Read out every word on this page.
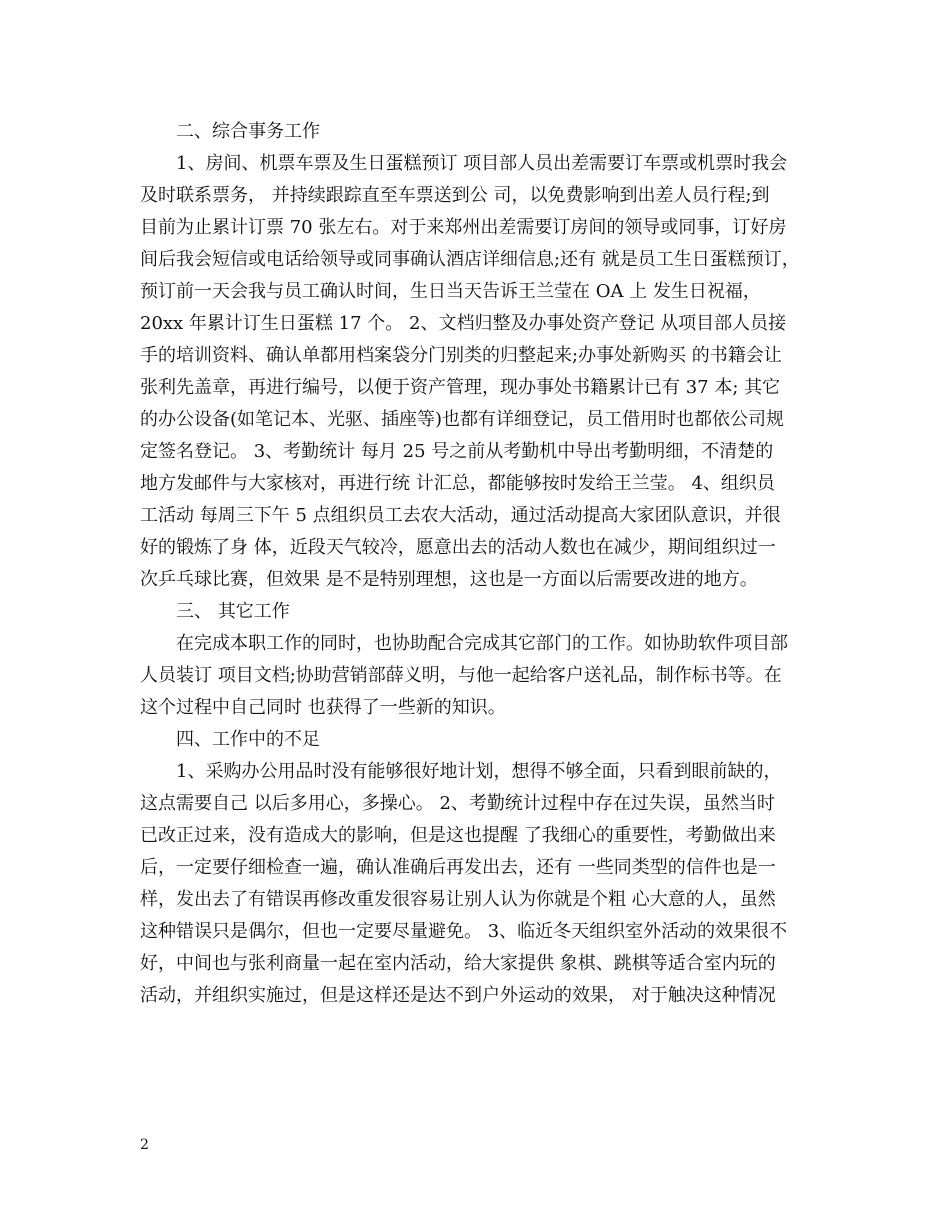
二、综合事务工作

1、房间、机票车票及生日蛋糕预订 项目部人员出差需要订车票或机票时我会
及时联系票务， 并持续跟踪直至车票送到公 司，以免费影响到出差人员行程;到
目前为止累计订票 70 张左右。对于来郑州出差需要订房间的领导或同事，订好房
间后我会短信或电话给领导或同事确认酒店详细信息;还有 就是员工生日蛋糕预订，
预订前一天会我与员工确认时间，生日当天告诉王兰莹在 OA 上 发生日祝福，
20xx 年累计订生日蛋糕 17 个。 2、文档归整及办事处资产登记 从项目部人员接
手的培训资料、确认单都用档案袋分门别类的归整起来;办事处新购买 的书籍会让
张利先盖章，再进行编号，以便于资产管理，现办事处书籍累计已有 37 本; 其它
的办公设备(如笔记本、光驱、插座等)也都有详细登记，员工借用时也都依公司规
定签名登记。 3、考勤统计 每月 25 号之前从考勤机中导出考勤明细，不清楚的
地方发邮件与大家核对，再进行统 计汇总，都能够按时发给王兰莹。 4、组织员
工活动 每周三下午 5 点组织员工去农大活动，通过活动提高大家团队意识，并很
好的锻炼了身 体，近段天气较冷，愿意出去的活动人数也在减少，期间组织过一
次乒乓球比赛，但效果 是不是特别理想，这也是一方面以后需要改进的地方。

三、 其它工作

在完成本职工作的同时，也协助配合完成其它部门的工作。如协助软件项目部
人员装订 项目文档;协助营销部薛义明，与他一起给客户送礼品，制作标书等。在
这个过程中自己同时 也获得了一些新的知识。

四、工作中的不足

1、采购办公用品时没有能够很好地计划，想得不够全面，只看到眼前缺的，
这点需要自己 以后多用心，多操心。 2、考勤统计过程中存在过失误，虽然当时
已改正过来，没有造成大的影响，但是这也提醒 了我细心的重要性，考勤做出来
后，一定要仔细检查一遍，确认准确后再发出去，还有 一些同类型的信件也是一
样，发出去了有错误再修改重发很容易让别人认为你就是个粗 心大意的人，虽然
这种错误只是偶尔，但也一定要尽量避免。 3、临近冬天组织室外活动的效果很不
好，中间也与张利商量一起在室内活动，给大家提供 象棋、跳棋等适合室内玩的
活动，并组织实施过，但是这样还是达不到户外运动的效果， 对于触决这种情况

2
